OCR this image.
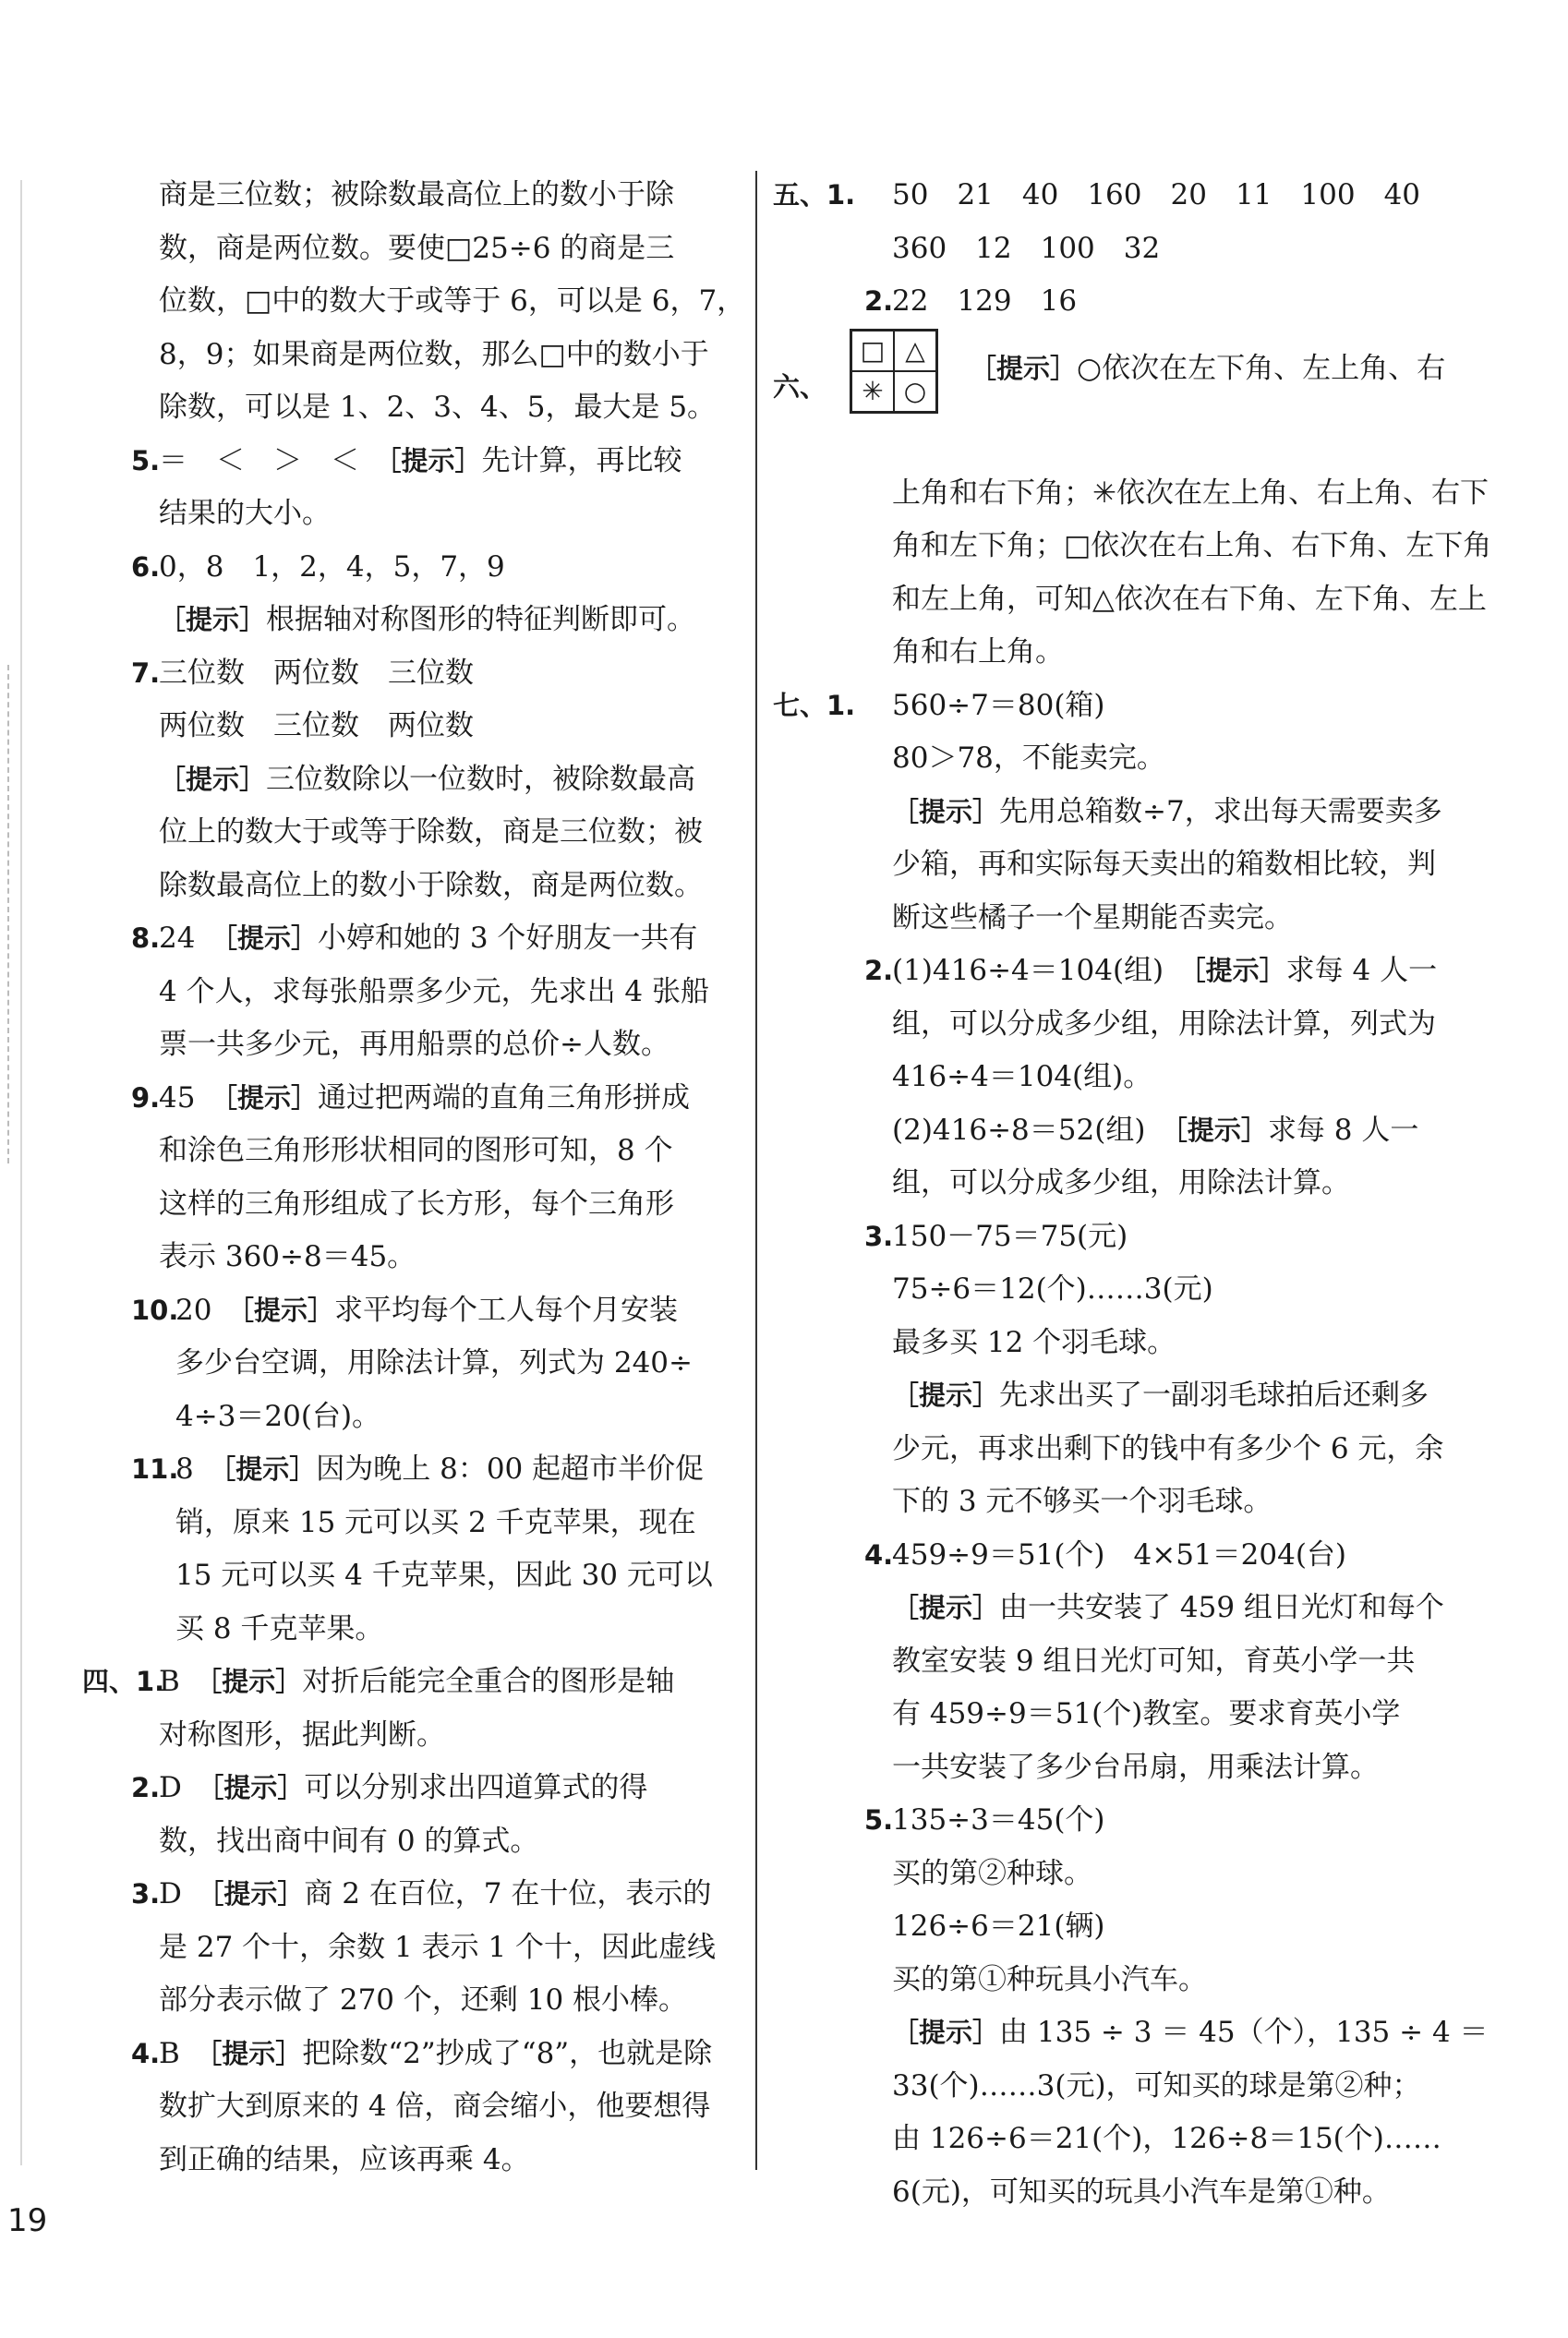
商是三位数；被除数最高位上的数小于除
数，商是两位数。要使□25÷6 的商是三
位数，□中的数大于或等于 6，可以是 6，7，
8，9；如果商是两位数，那么□中的数小于
除数，可以是 1、2、3、4、5，最大是 5。
5.
＝　＜　＞　＜　［提示］先计算，再比较
结果的大小。
6.
0，8　1，2，4，5，7，9
［提示］根据轴对称图形的特征判断即可。
7.
三位数　两位数　三位数
两位数　三位数　两位数
［提示］三位数除以一位数时，被除数最高
位上的数大于或等于除数，商是三位数；被
除数最高位上的数小于除数，商是两位数。
8.
24　［提示］小婷和她的 3 个好朋友一共有
4 个人，求每张船票多少元，先求出 4 张船
票一共多少元，再用船票的总价÷人数。
9.
45　［提示］通过把两端的直角三角形拼成
和涂色三角形形状相同的图形可知，8 个
这样的三角形组成了长方形，每个三角形
表示 360÷8＝45。
10.
20　［提示］求平均每个工人每个月安装
多少台空调，用除法计算，列式为 240÷
4÷3＝20(台)。
11.
8　［提示］因为晚上 8：00 起超市半价促
销，原来 15 元可以买 2 千克苹果，现在
15 元可以买 4 千克苹果，因此 30 元可以
买 8 千克苹果。
四、1.
B　［提示］对折后能完全重合的图形是轴
对称图形，据此判断。
2.
D　［提示］可以分别求出四道算式的得
数，找出商中间有 0 的算式。
3.
D　［提示］商 2 在百位，7 在十位，表示的
是 27 个十，余数 1 表示 1 个十，因此虚线
部分表示做了 270 个，还剩 10 根小棒。
4.
B　［提示］把除数“2”抄成了“8”，也就是除
数扩大到原来的 4 倍，商会缩小，他要想得
到正确的结果，应该再乘 4。
五、1. 50　21　40　160　20　11　100　40
360　12　100　32
2.
22　129　16
六、
□ △
✳ ○
［提示］○依次在左下角、左上角、右
上角和右下角；✳依次在左上角、右上角、右下
角和左下角；□依次在右上角、右下角、左下角
和左上角，可知△依次在右下角、左下角、左上
角和右上角。
七、1. 560÷7＝80(箱)
80＞78，不能卖完。
［提示］先用总箱数÷7，求出每天需要卖多
少箱，再和实际每天卖出的箱数相比较，判
断这些橘子一个星期能否卖完。
2.
(1)416÷4＝104(组)　［提示］求每 4 人一
组，可以分成多少组，用除法计算，列式为
416÷4＝104(组)。
(2)416÷8＝52(组)　［提示］求每 8 人一
组，可以分成多少组，用除法计算。
3.
150－75＝75(元)
75÷6＝12(个)……3(元)
最多买 12 个羽毛球。
［提示］先求出买了一副羽毛球拍后还剩多
少元，再求出剩下的钱中有多少个 6 元，余
下的 3 元不够买一个羽毛球。
4.
459÷9＝51(个)　4×51＝204(台)
［提示］由一共安装了 459 组日光灯和每个
教室安装 9 组日光灯可知，育英小学一共
有 459÷9＝51(个)教室。要求育英小学
一共安装了多少台吊扇，用乘法计算。
5.
135÷3＝45(个)
买的第②种球。
126÷6＝21(辆)
买的第①种玩具小汽车。
［提示］由 135 ÷ 3 ＝ 45（个），135 ÷ 4 ＝
33(个)……3(元)，可知买的球是第②种；
由 126÷6＝21(个)，126÷8＝15(个)……
6(元)，可知买的玩具小汽车是第①种。
19
